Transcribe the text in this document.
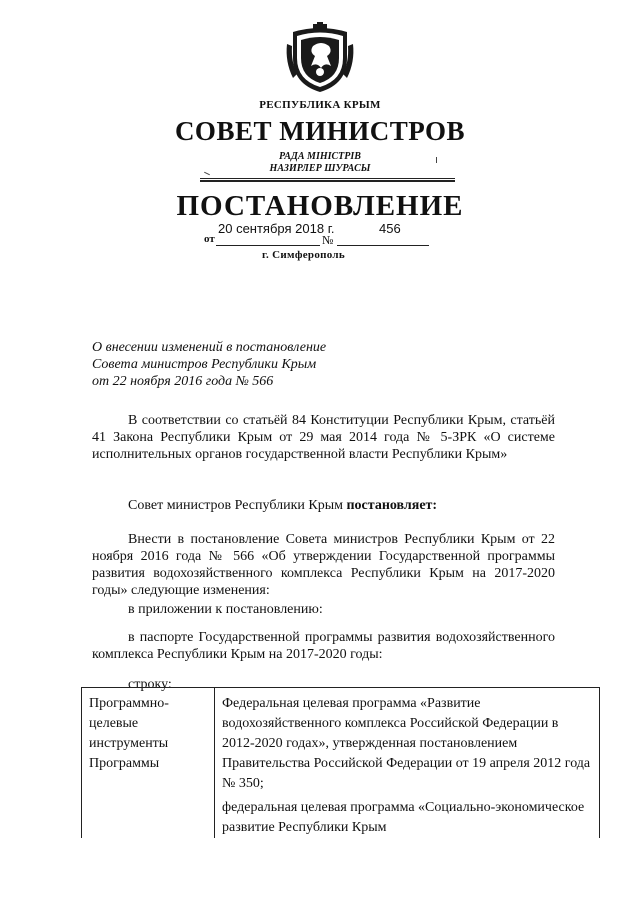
РЕСПУБЛИКА КРЫМ
СОВЕТ МИНИСТРОВ
РАДА МІНІСТРІВ
НАЗИРЛЕР ШУРАСЫ
ПОСТАНОВЛЕНИЕ
20 сентября 2018 г.	456
от	№
г. Симферополь
О внесении изменений в постановление
Совета министров Республики Крым
от 22 ноября 2016 года № 566
В соответствии со статьёй 84 Конституции Республики Крым, статьёй 41 Закона Республики Крым от 29 мая 2014 года № 5-ЗРК «О системе исполнительных органов государственной власти Республики Крым»
Совет министров Республики Крым постановляет:
Внести в постановление Совета министров Республики Крым от 22 ноября 2016 года № 566 «Об утверждении Государственной программы развития водохозяйственного комплекса Республики Крым на 2017-2020 годы» следующие изменения:
в приложении к постановлению:
в паспорте Государственной программы развития водохозяйственного комплекса Республики Крым на 2017-2020 годы:
строку:
Программно-целевые инструменты Программы

Федеральная целевая программа «Развитие водохозяйственного комплекса Российской Федерации в 2012-2020 годах», утвержденная постановлением Правительства Российской Федерации от 19 апреля 2012 года № 350;

федеральная целевая программа «Социально-экономическое развитие Республики Крым
